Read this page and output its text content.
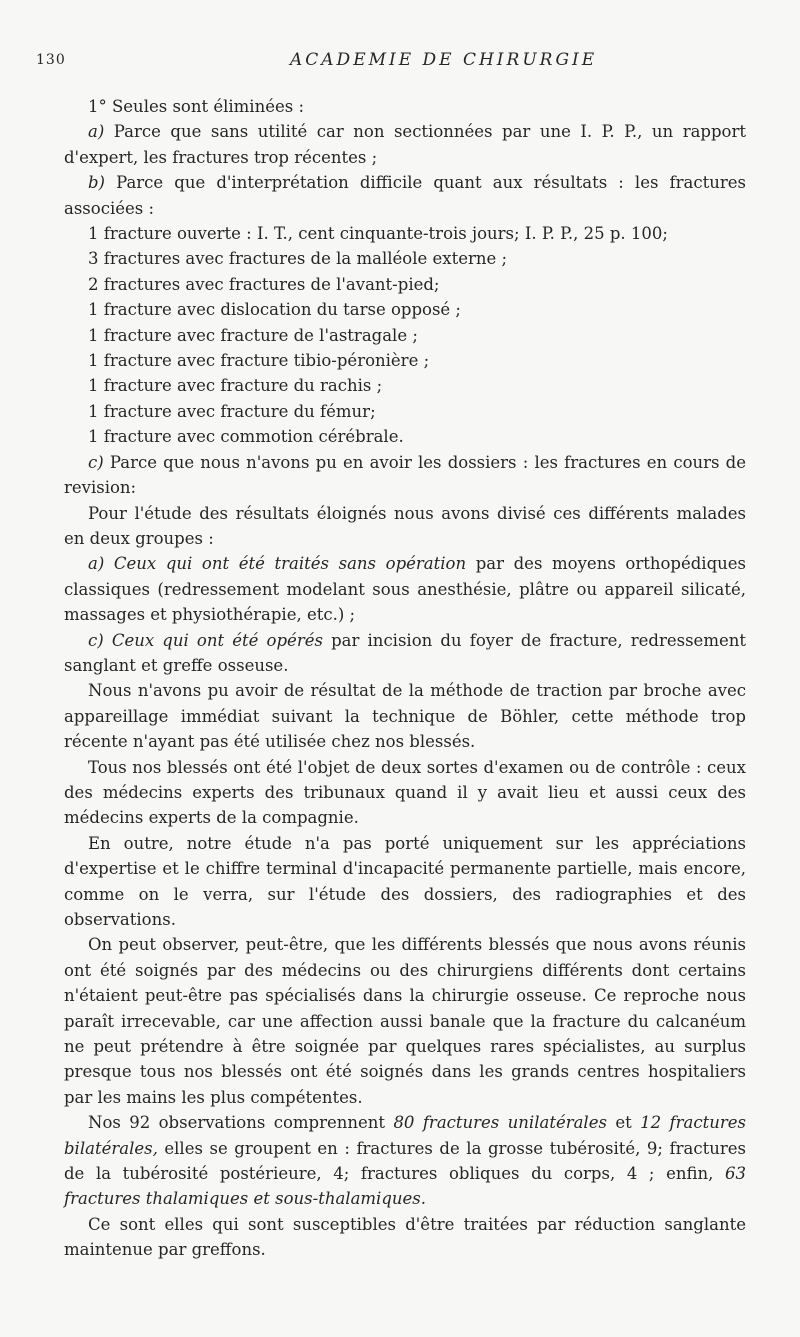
130	ACADEMIE DE CHIRURGIE

1° Seules sont éliminées :

a) Parce que sans utilité car non sectionnées par une I. P. P., un rapport d'expert, les fractures trop récentes ;

b) Parce que d'interprétation difficile quant aux résultats : les fractures associées :

1 fracture ouverte : I. T., cent cinquante-trois jours; I. P. P., 25 p. 100;

3 fractures avec fractures de la malléole externe ;

2 fractures avec fractures de l'avant-pied;

1 fracture avec dislocation du tarse opposé ;

1 fracture avec fracture de l'astragale ;

1 fracture avec fracture tibio-péronière ;

1 fracture avec fracture du rachis ;

1 fracture avec fracture du fémur;

1 fracture avec commotion cérébrale.

c) Parce que nous n'avons pu en avoir les dossiers : les fractures en cours de revision:

Pour l'étude des résultats éloignés nous avons divisé ces différents malades en deux groupes :

a) Ceux qui ont été traités sans opération par des moyens orthopédiques classiques (redressement modelant sous anesthésie, plâtre ou appareil silicaté, massages et physiothérapie, etc.) ;

c) Ceux qui ont été opérés par incision du foyer de fracture, redressement sanglant et greffe osseuse.

Nous n'avons pu avoir de résultat de la méthode de traction par broche avec appareillage immédiat suivant la technique de Böhler, cette méthode trop récente n'ayant pas été utilisée chez nos blessés.

Tous nos blessés ont été l'objet de deux sortes d'examen ou de contrôle : ceux des médecins experts des tribunaux quand il y avait lieu et aussi ceux des médecins experts de la compagnie.

En outre, notre étude n'a pas porté uniquement sur les appréciations d'expertise et le chiffre terminal d'incapacité permanente partielle, mais encore, comme on le verra, sur l'étude des dossiers, des radiographies et des observations.

On peut observer, peut-être, que les différents blessés que nous avons réunis ont été soignés par des médecins ou des chirurgiens différents dont certains n'étaient peut-être pas spécialisés dans la chirurgie osseuse. Ce reproche nous paraît irrecevable, car une affection aussi banale que la fracture du calcanéum ne peut prétendre à être soignée par quelques rares spécialistes, au surplus presque tous nos blessés ont été soignés dans les grands centres hospitaliers par les mains les plus compétentes.

Nos 92 observations comprennent 80 fractures unilatérales et 12 fractures bilatérales, elles se groupent en : fractures de la grosse tubérosité, 9; fractures de la tubérosité postérieure, 4; fractures obliques du corps, 4 ; enfin, 63 fractures thalamiques et sous-thalamiques.

Ce sont elles qui sont susceptibles d'être traitées par réduction sanglante maintenue par greffons.
